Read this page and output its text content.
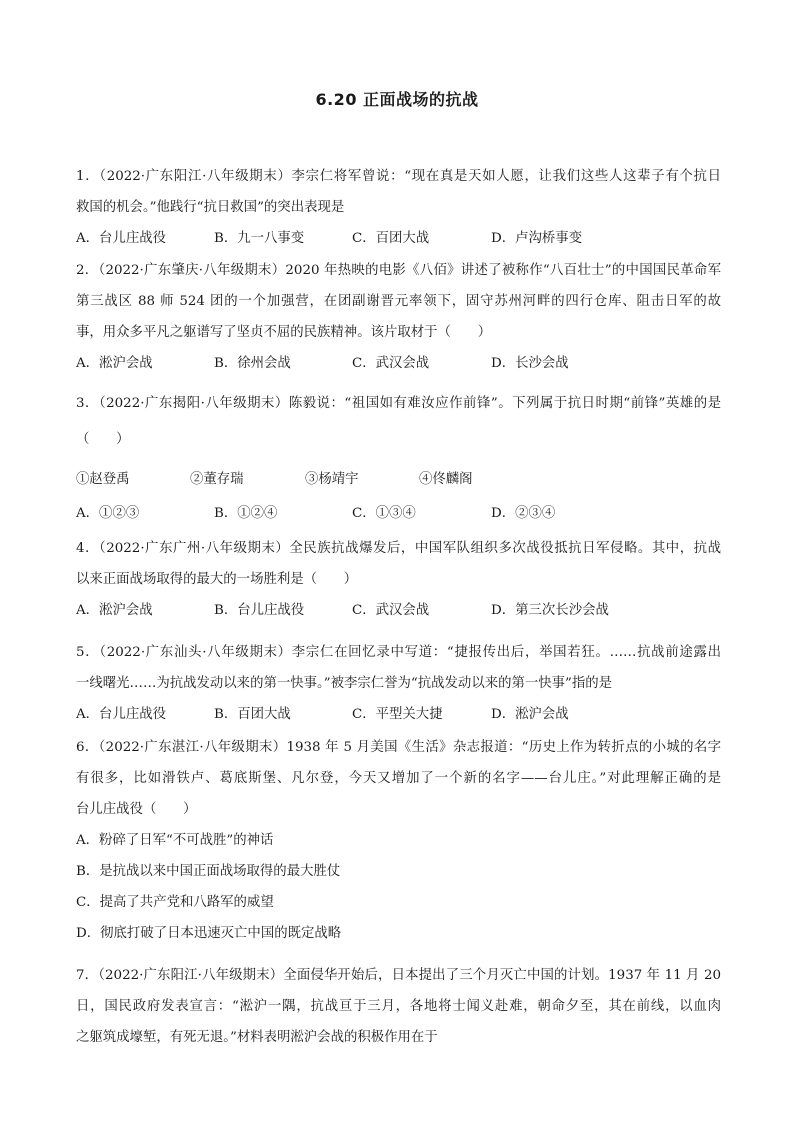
6.20 正面战场的抗战
1．（2022·广东阳江·八年级期末）李宗仁将军曾说：“现在真是天如人愿，让我们这些人这辈子有个抗日
救国的机会。”他践行“抗日救国”的突出表现是
A．台儿庄战役	B．九一八事变	C．百团大战	D．卢沟桥事变
2．（2022·广东肇庆·八年级期末）2020 年热映的电影《八佰》讲述了被称作“八百壮士”的中国国民革命军
第三战区 88 师 524 团的一个加强营，在团副谢晋元率领下，固守苏州河畔的四行仓库、阻击日军的故
事，用众多平凡之躯谱写了坚贞不屈的民族精神。该片取材于（　　）
A．淞沪会战	B．徐州会战	C．武汉会战	D．长沙会战
3．（2022·广东揭阳·八年级期末）陈毅说：“祖国如有难汝应作前锋”。下列属于抗日时期“前锋”英雄的是
（　　）
①赵登禹	②董存瑞	③杨靖宇	④佟麟阁
A．①②③	B．①②④	C．①③④	D．②③④
4．（2022·广东广州·八年级期末）全民族抗战爆发后，中国军队组织多次战役抵抗日军侵略。其中，抗战
以来正面战场取得的最大的一场胜利是（　　）
A．淞沪会战	B．台儿庄战役	C．武汉会战	D．第三次长沙会战
5．（2022·广东汕头·八年级期末）李宗仁在回忆录中写道：“捷报传出后，举国若狂。……抗战前途露出
一线曙光……为抗战发动以来的第一快事。”被李宗仁誉为“抗战发动以来的第一快事”指的是
A．台儿庄战役	B．百团大战	C．平型关大捷	D．淞沪会战
6．（2022·广东湛江·八年级期末）1938 年 5 月美国《生活》杂志报道：“历史上作为转折点的小城的名字
有很多，比如滑铁卢、葛底斯堡、凡尔登，今天又增加了一个新的名字——台儿庄。”对此理解正确的是
台儿庄战役（　　）
A．粉碎了日军“不可战胜”的神话
B．是抗战以来中国正面战场取得的最大胜仗
C．提高了共产党和八路军的威望
D．彻底打破了日本迅速灭亡中国的既定战略
7．（2022·广东阳江·八年级期末）全面侵华开始后，日本提出了三个月灭亡中国的计划。1937 年 11 月 20
日，国民政府发表宣言：“淞沪一隅，抗战亘于三月，各地将士闻义赴难，朝命夕至，其在前线，以血肉
之躯筑成壕堑，有死无退。”材料表明淞沪会战的积极作用在于
